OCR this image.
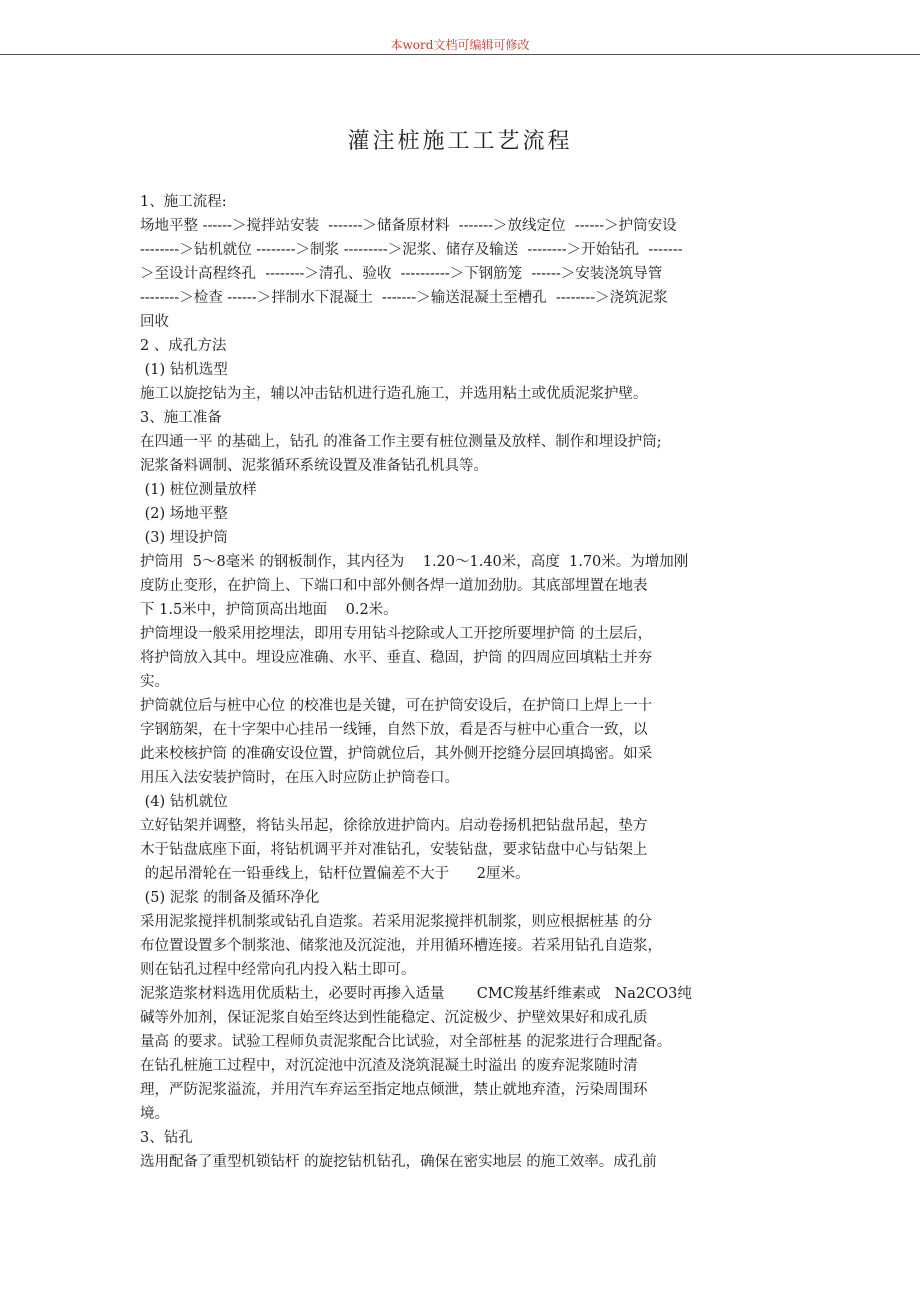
本word文档可编辑可修改
灌注桩施工工艺流程
1、施工流程:
场地平整 ------＞搅拌站安装  -------＞储备原材料  -------＞放线定位  ------＞护筒安设
--------＞钻机就位 --------＞制浆 ---------＞泥浆、储存及输送  --------＞开始钻孔  -------
＞至设计高程终孔  --------＞清孔、验收  ----------＞下钢筋笼  ------＞安装浇筑导管
--------＞检查 ------＞拌制水下混凝土  -------＞输送混凝土至槽孔  --------＞浇筑泥浆
回收
2 、成孔方法
(1) 钻机选型
施工以旋挖钻为主，辅以冲击钻机进行造孔施工，并选用粘土或优质泥浆护壁。
3、施工准备
在四通一平 的基础上，钻孔 的准备工作主要有桩位测量及放样、制作和埋设护筒;
泥浆备料调制、泥浆循环系统设置及准备钻孔机具等。
(1) 桩位测量放样
(2) 场地平整
(3) 埋设护筒
护筒用  5～8毫米 的钢板制作，其内径为    1.20～1.40米，高度  1.70米。为增加刚
度防止变形，在护筒上、下端口和中部外侧各焊一道加劲肋。其底部埋置在地表
下 1.5米中，护筒顶高出地面    0.2米。
护筒埋设一般采用挖埋法，即用专用钻斗挖除或人工开挖所要埋护筒 的土层后，
将护筒放入其中。埋设应准确、水平、垂直、稳固，护筒 的四周应回填粘土并夯
实。
护筒就位后与桩中心位 的校准也是关键，可在护筒安设后，在护筒口上焊上一十
字钢筋架，在十字架中心挂吊一线锤，自然下放，看是否与桩中心重合一致，以
此来校核护筒 的准确安设位置，护筒就位后，其外侧开挖缝分层回填捣密。如采
用压入法安装护筒时，在压入时应防止护筒卷口。
(4) 钻机就位
立好钻架并调整，将钻头吊起，徐徐放进护筒内。启动卷扬机把钻盘吊起，垫方
木于钻盘底座下面，将钻机调平并对准钻孔，安装钻盘，要求钻盘中心与钻架上
的起吊滑轮在一铅垂线上，钻杆位置偏差不大于      2厘米。
(5) 泥浆 的制备及循环净化
采用泥浆搅拌机制浆或钻孔自造浆。若采用泥浆搅拌机制浆，则应根据桩基 的分
布位置设置多个制浆池、储浆池及沉淀池，并用循环槽连接。若采用钻孔自造浆，
则在钻孔过程中经常向孔内投入粘土即可。
泥浆造浆材料选用优质粘土，必要时再掺入适量       CMC羧基纤维素或   Na2CO3纯
碱等外加剂，保证泥浆自始至终达到性能稳定、沉淀极少、护壁效果好和成孔质
量高 的要求。试验工程师负责泥浆配合比试验，对全部桩基 的泥浆进行合理配备。
在钻孔桩施工过程中，对沉淀池中沉渣及浇筑混凝土时溢出 的废弃泥浆随时清
理，严防泥浆溢流，并用汽车弃运至指定地点倾泄，禁止就地弃渣，污染周围环
境。
3、钻孔
选用配备了重型机锁钻杆 的旋挖钻机钻孔，确保在密实地层 的施工效率。成孔前
